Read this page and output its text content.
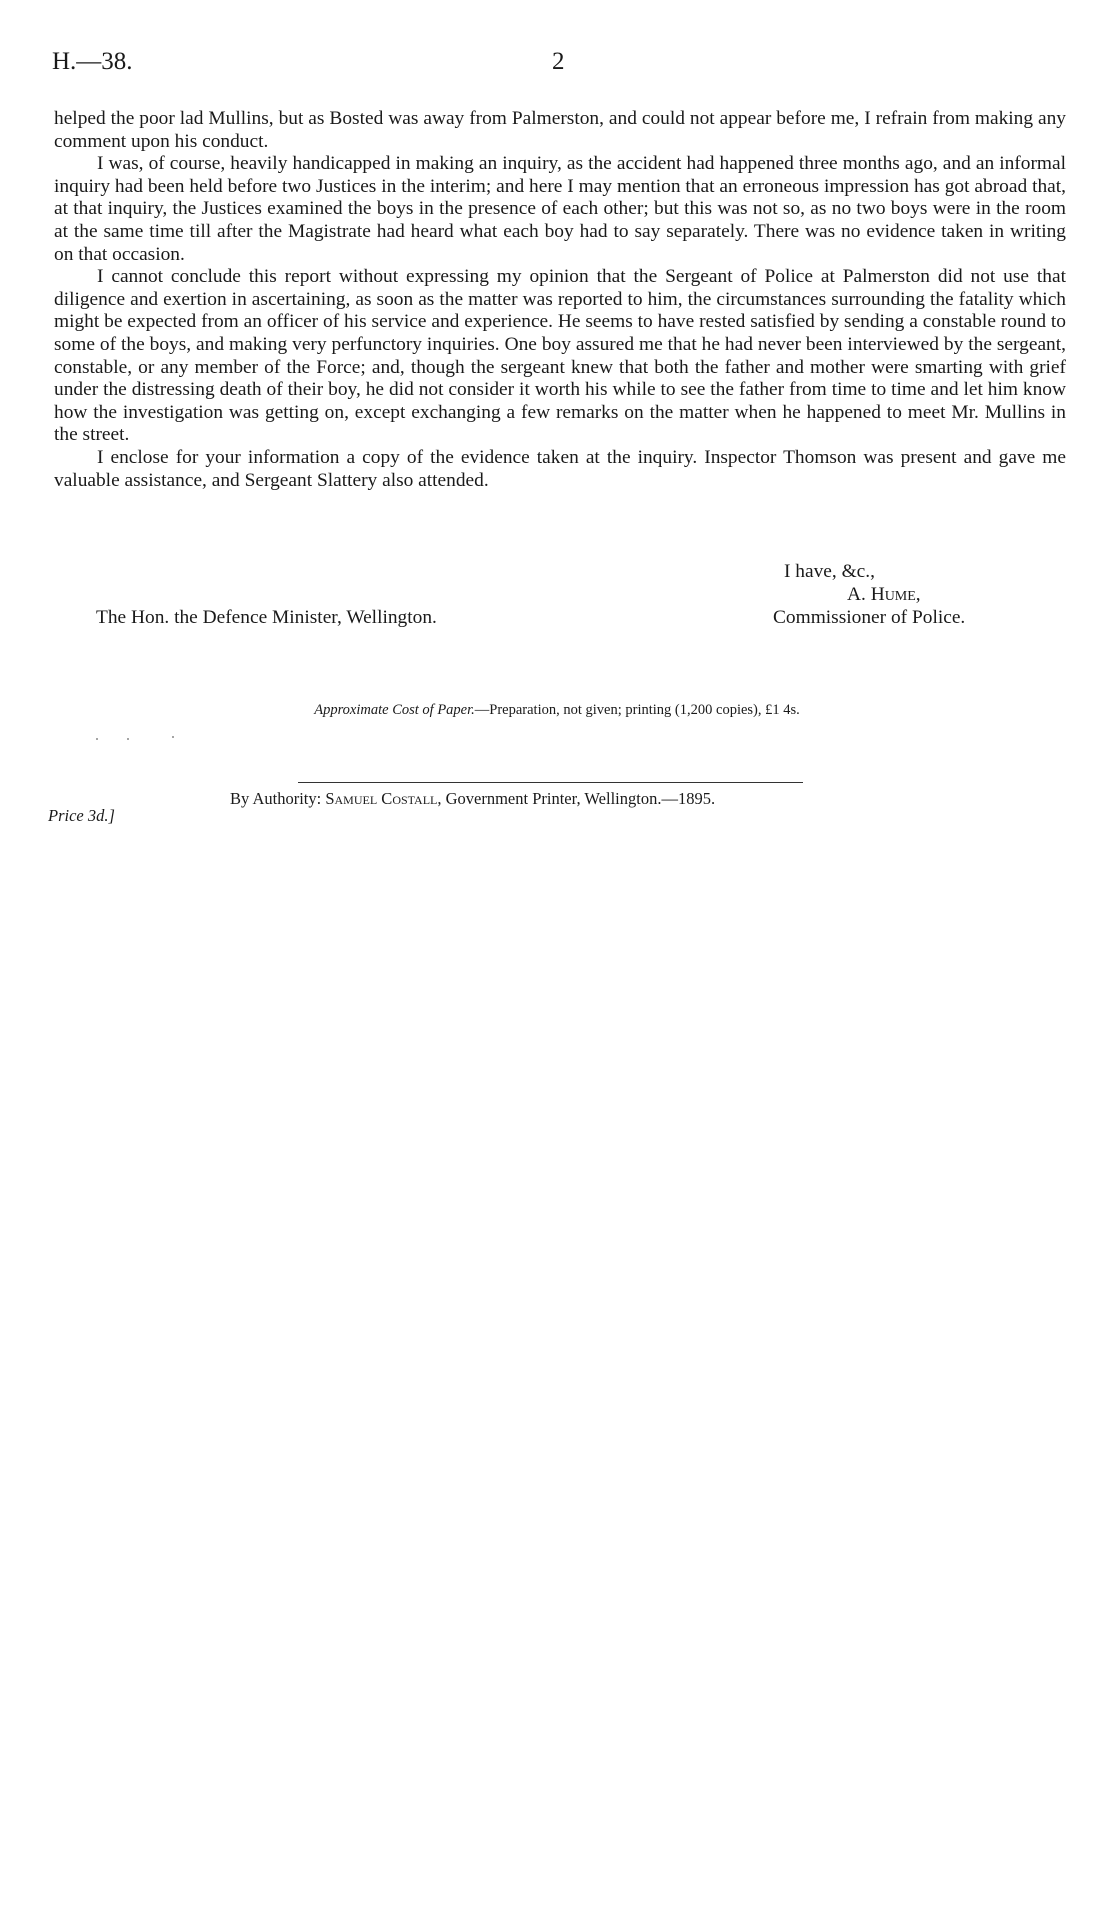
H.—38.	2

helped the poor lad Mullins, but as Bosted was away from Palmerston, and could not appear before me, I refrain from making any comment upon his conduct.

I was, of course, heavily handicapped in making an inquiry, as the accident had happened three months ago, and an informal inquiry had been held before two Justices in the interim; and here I may mention that an erroneous impression has got abroad that, at that inquiry, the Justices examined the boys in the presence of each other; but this was not so, as no two boys were in the room at the same time till after the Magistrate had heard what each boy had to say separately. There was no evidence taken in writing on that occasion.

I cannot conclude this report without expressing my opinion that the Sergeant of Police at Palmerston did not use that diligence and exertion in ascertaining, as soon as the matter was reported to him, the circumstances surrounding the fatality which might be expected from an officer of his service and experience. He seems to have rested satisfied by sending a constable round to some of the boys, and making very perfunctory inquiries. One boy assured me that he had never been interviewed by the sergeant, constable, or any member of the Force; and, though the sergeant knew that both the father and mother were smarting with grief under the distressing death of their boy, he did not consider it worth his while to see the father from time to time and let him know how the investigation was getting on, except exchanging a few remarks on the matter when he happened to meet Mr. Mullins in the street.

I enclose for your information a copy of the evidence taken at the inquiry. Inspector Thomson was present and gave me valuable assistance, and Sergeant Slattery also attended.

I have, &c.,
A. Hume,
The Hon. the Defence Minister, Wellington.	Commissioner of Police.
Approximate Cost of Paper.—Preparation, not given; printing (1,200 copies), £1 4s.
By Authority: Samuel Costall, Government Printer, Wellington.—1895.
Price 3d.]
